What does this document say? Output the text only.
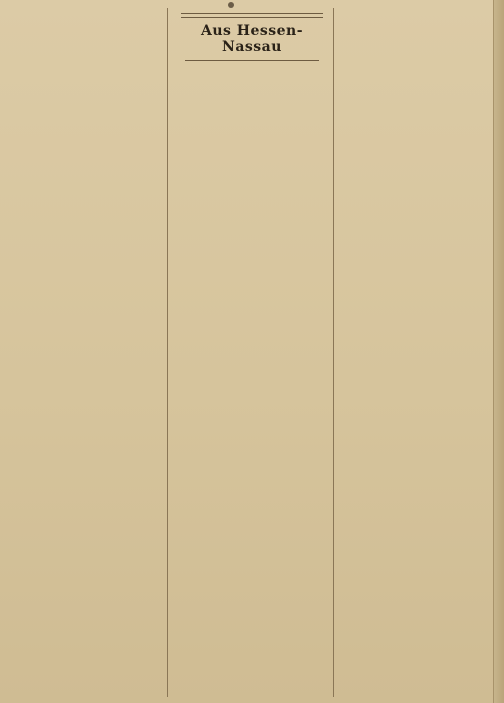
Aus Hessen-Nassau
